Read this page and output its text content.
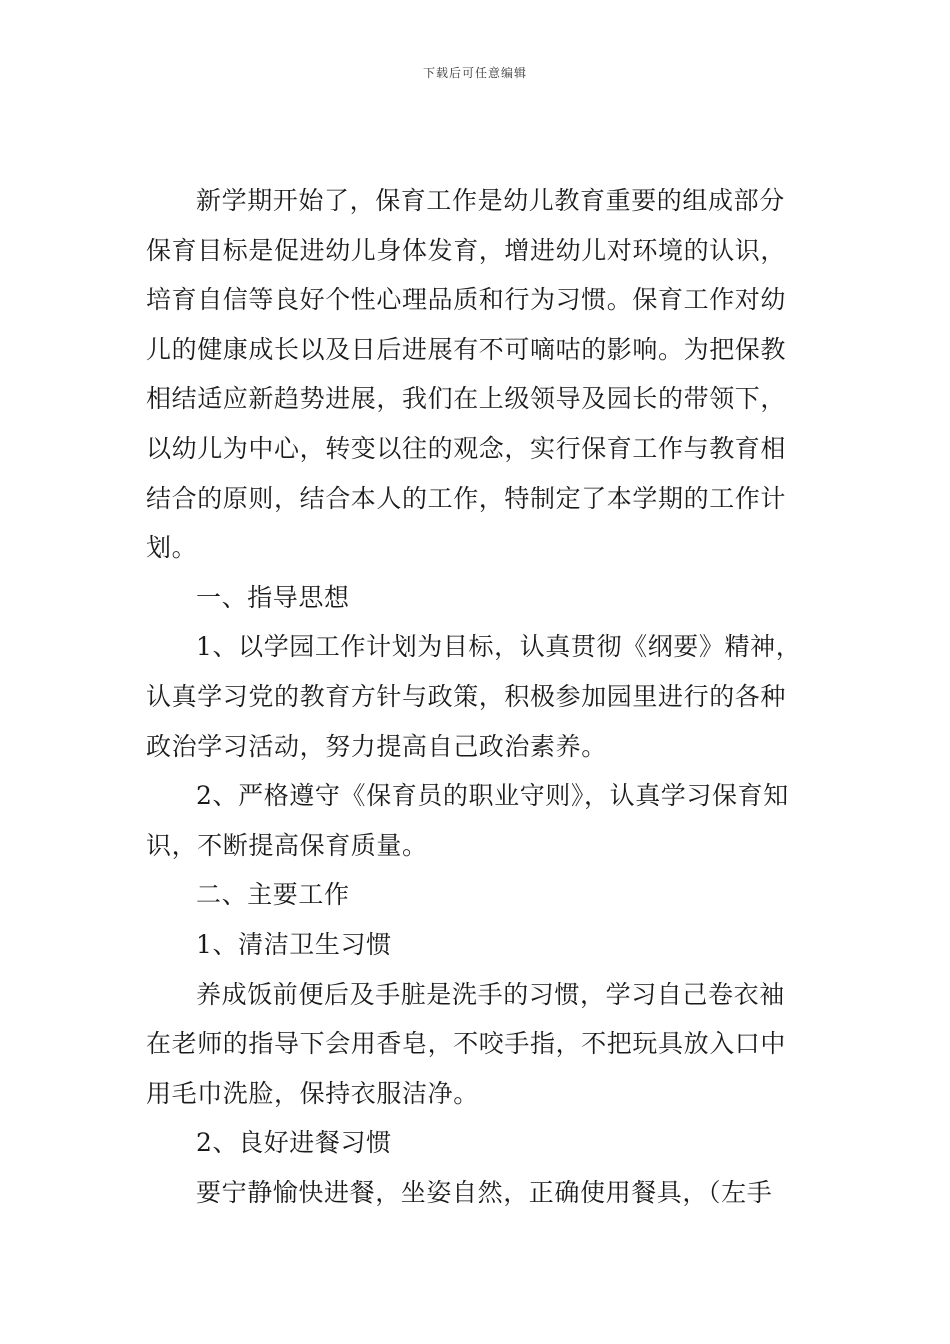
下载后可任意编辑
新学期开始了，保育工作是幼儿教育重要的组成部分
保育目标是促进幼儿身体发育，增进幼儿对环境的认识，
培育自信等良好个性心理品质和行为习惯。保育工作对幼
儿的健康成长以及日后进展有不可嘀咕的影响。为把保教
相结适应新趋势进展，我们在上级领导及园长的带领下，
以幼儿为中心，转变以往的观念，实行保育工作与教育相
结合的原则，结合本人的工作，特制定了本学期的工作计
划。
一、指导思想
1、以学园工作计划为目标，认真贯彻《纲要》精神，
认真学习党的教育方针与政策，积极参加园里进行的各种
政治学习活动，努力提高自己政治素养。
2、严格遵守《保育员的职业守则》，认真学习保育知
识，不断提高保育质量。
二、主要工作
1、清洁卫生习惯
养成饭前便后及手脏是洗手的习惯，学习自己卷衣袖
在老师的指导下会用香皂，不咬手指，不把玩具放入口中
用毛巾洗脸，保持衣服洁净。
2、良好进餐习惯
要宁静愉快进餐，坐姿自然，正确使用餐具，（左手
